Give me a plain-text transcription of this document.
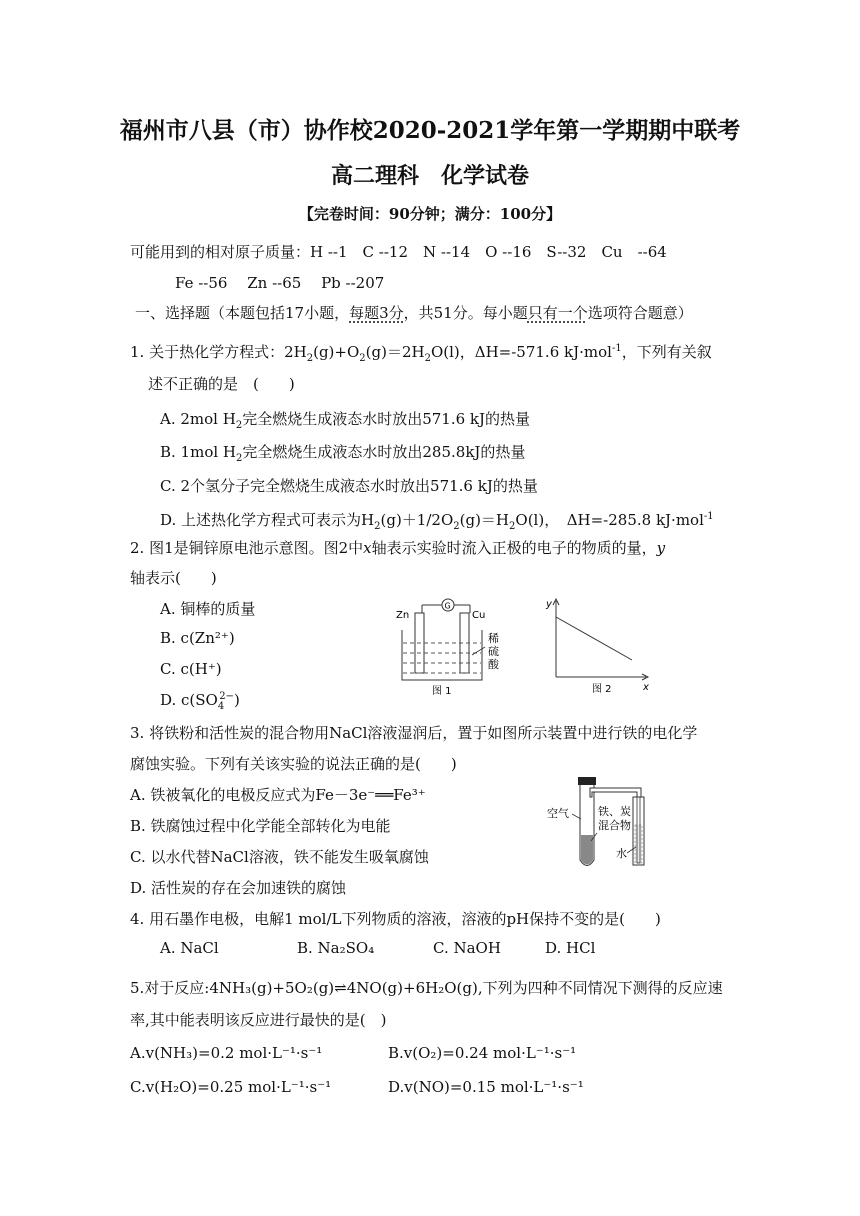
福州市八县（市）协作校2020-2021学年第一学期期中联考
高二理科　化学试卷
【完卷时间：90分钟；满分：100分】
可能用到的相对原子质量：H --1　C --12　N --14　O --16　S--32　Cu　--64
Fe --56　 Zn --65　 Pb --207
一、选择题（本题包括17小题，每题3分，共51分。每小题只有一个选项符合题意）
1. 关于热化学方程式：$2H_2(g)+O_2(g)=2H_2O(l)$，ΔH=-571.6 kJ·mol$^{-1}$，下列有关叙
述不正确的是　(　　)
A. 2mol $H_2$完全燃烧生成液态水时放出571.6 kJ的热量
B. 1mol $H_2$完全燃烧生成液态水时放出285.8kJ的热量
C. 2个氢分子完全燃烧生成液态水时放出571.6 kJ的热量
D. 上述热化学方程式可表示为$H_2(g)+1/2O_2(g)=H_2O(l)$，　ΔH=-285.8 kJ·mol$^{-1}$
2. 图1是铜锌原电池示意图。图2中x轴表示实验时流入正极的电子的物质的量，y
轴表示(　　)
A. 铜棒的质量
B. c(Zn²⁺)
C. c(H⁺)
D. $c(SO_4^{2-})$
G
Zn	Cu
稀
硫
酸
图 1
y
x
图 2
3. 将铁粉和活性炭的混合物用NaCl溶液湿润后，置于如图所示装置中进行铁的电化学
腐蚀实验。下列有关该实验的说法正确的是(　　)
A. 铁被氧化的电极反应式为Fe－3e⁻══Fe³⁺
B. 铁腐蚀过程中化学能全部转化为电能
C. 以水代替NaCl溶液，铁不能发生吸氧腐蚀
D. 活性炭的存在会加速铁的腐蚀
空气	铁、炭
混合物
水
4. 用石墨作电极，电解1 mol/L下列物质的溶液，溶液的pH保持不变的是(　　)
A. NaCl	B. Na₂SO₄	C. NaOH	D. HCl
5.对于反应:4NH₃(g)+5O₂(g)⇌4NO(g)+6H₂O(g),下列为四种不同情况下测得的反应速
率,其中能表明该反应进行最快的是(　)
A.v(NH₃)=0.2 mol·L⁻¹·s⁻¹	B.v(O₂)=0.24 mol·L⁻¹·s⁻¹
C.v(H₂O)=0.25 mol·L⁻¹·s⁻¹	D.v(NO)=0.15 mol·L⁻¹·s⁻¹
